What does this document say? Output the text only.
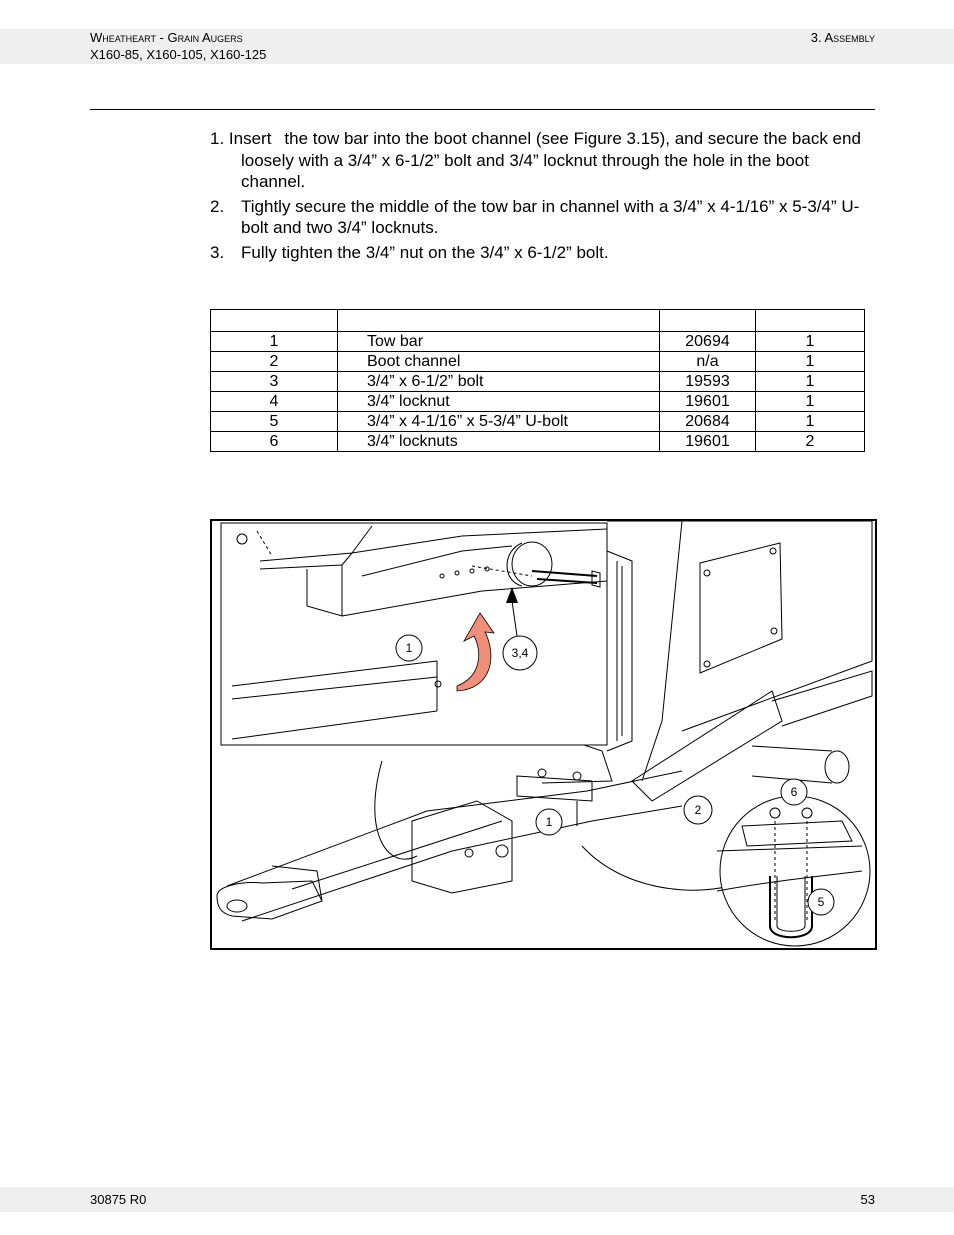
Wheatheart - Grain Augers
X160-85, X160-105, X160-125
3. Assembly
1. Insert the tow bar into the boot channel (see Figure 3.15), and secure the back end loosely with a 3/4” x 6-1/2” bolt and 3/4” locknut through the hole in the boot channel.
2. Tightly secure the middle of the tow bar in channel with a 3/4” x 4-1/16” x 5-3/4” U-bolt and two 3/4” locknuts.
3. Fully tighten the 3/4” nut on the 3/4” x 6-1/2” bolt.

1	Tow bar	20694	1
2	Boot channel	n/a	1
3	3/4” x 6-1/2” bolt	19593	1
4	3/4” locknut	19601	1
5	3/4” x 4-1/16” x 5-3/4” U-bolt	20684	1
6	3/4” locknuts	19601	2
1	3,4
1
2
6
5
30875 R0	53
